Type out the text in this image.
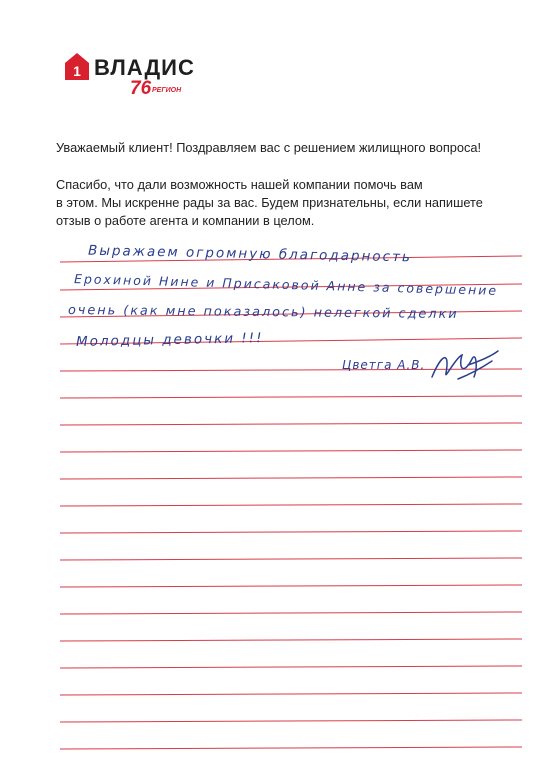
1 ВЛАДИС
76 РЕГИОН
Уважаемый клиент! Поздравляем вас с решением жилищного вопроса!
Спасибо, что дали возможность нашей компании помочь вам
в этом. Мы искренне рады за вас. Будем признательны, если напишете
отзыв о работе агента и компании в целом.
Выражаем огромную благодарность
Ерохиной Нине и Присаковой Анне за совершение
очень (как мне показалось) нелегкой сделки
Молодцы девочки !!!
Цветга А.В.
